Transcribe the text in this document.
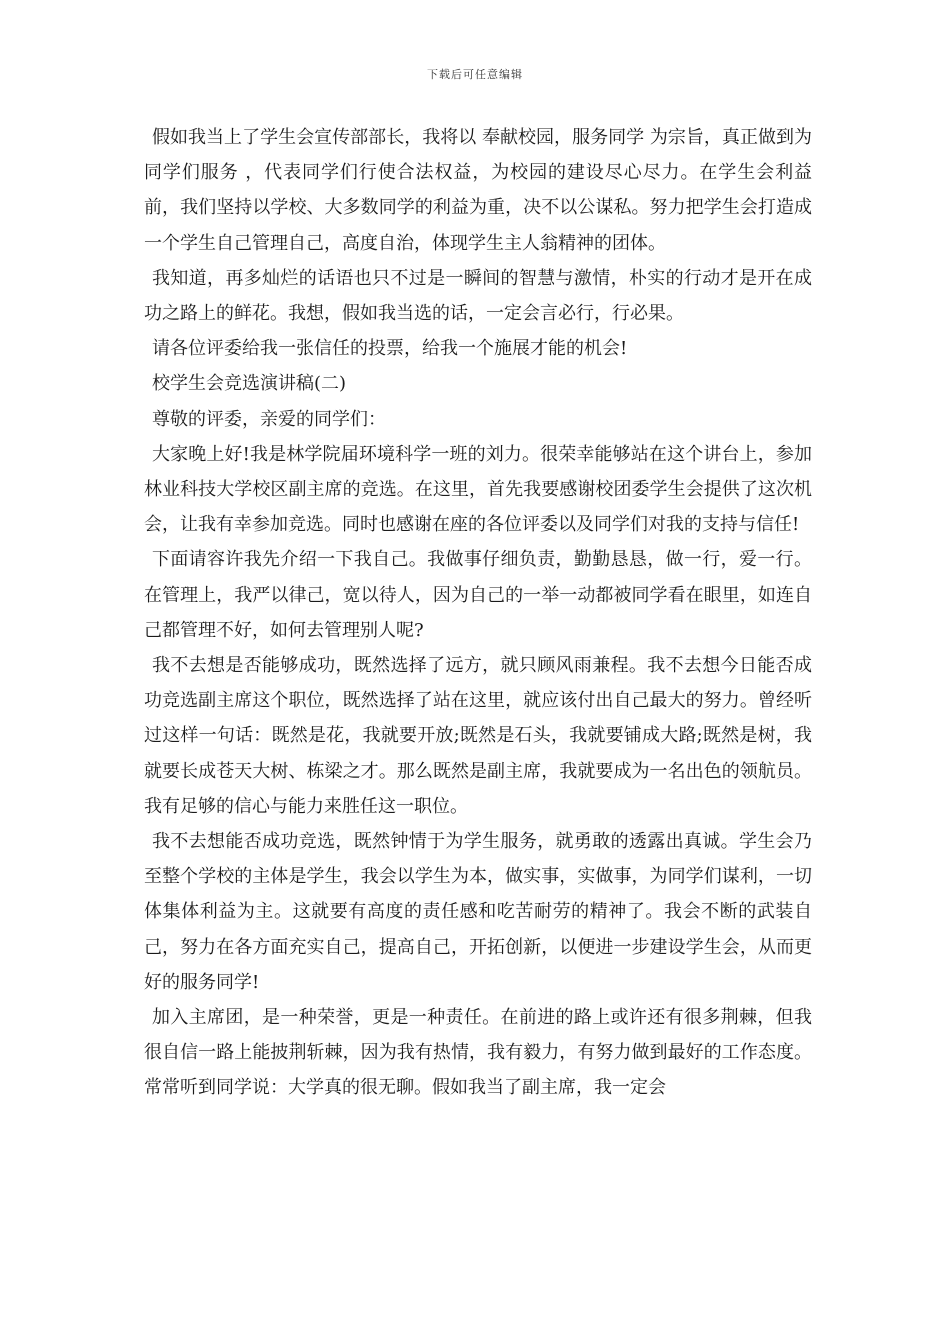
下载后可任意编辑

假如我当上了学生会宣传部部长，我将以 奉献校园，服务同学 为宗旨，真正做到为同学们服务 ，代表同学们行使合法权益，为校园的建设尽心尽力。在学生会利益前，我们坚持以学校、大多数同学的利益为重，决不以公谋私。努力把学生会打造成一个学生自己管理自己，高度自治，体现学生主人翁精神的团体。

我知道，再多灿烂的话语也只不过是一瞬间的智慧与激情，朴实的行动才是开在成功之路上的鲜花。我想，假如我当选的话，一定会言必行，行必果。

请各位评委给我一张信任的投票，给我一个施展才能的机会!

校学生会竞选演讲稿(二)

尊敬的评委，亲爱的同学们：

大家晚上好!我是林学院届环境科学一班的刘力。很荣幸能够站在这个讲台上，参加 林业科技大学校区副主席的竞选。在这里，首先我要感谢校团委学生会提供了这次机会，让我有幸参加竞选。同时也感谢在座的各位评委以及同学们对我的支持与信任!

下面请容许我先介绍一下我自己。我做事仔细负责，勤勤恳恳，做一行，爱一行。在管理上，我严以律己，宽以待人，因为自己的一举一动都被同学看在眼里，如连自己都管理不好，如何去管理别人呢?

我不去想是否能够成功，既然选择了远方，就只顾风雨兼程。我不去想今日能否成功竞选副主席这个职位，既然选择了站在这里，就应该付出自己最大的努力。曾经听过这样一句话：既然是花，我就要开放;既然是石头，我就要铺成大路;既然是树，我就要长成苍天大树、栋梁之才。那么既然是副主席，我就要成为一名出色的领航员。我有足够的信心与能力来胜任这一职位。

我不去想能否成功竞选，既然钟情于为学生服务，就勇敢的透露出真诚。学生会乃至整个学校的主体是学生，我会以学生为本，做实事，实做事，为同学们谋利，一切体集体利益为主。这就要有高度的责任感和吃苦耐劳的精神了。我会不断的武装自己，努力在各方面充实自己，提高自己，开拓创新，以便进一步建设学生会，从而更好的服务同学!

加入主席团，是一种荣誉，更是一种责任。在前进的路上或许还有很多荆棘，但我很自信一路上能披荆斩棘，因为我有热情，我有毅力，有努力做到最好的工作态度。常常听到同学说：大学真的很无聊。假如我当了副主席，我一定会
